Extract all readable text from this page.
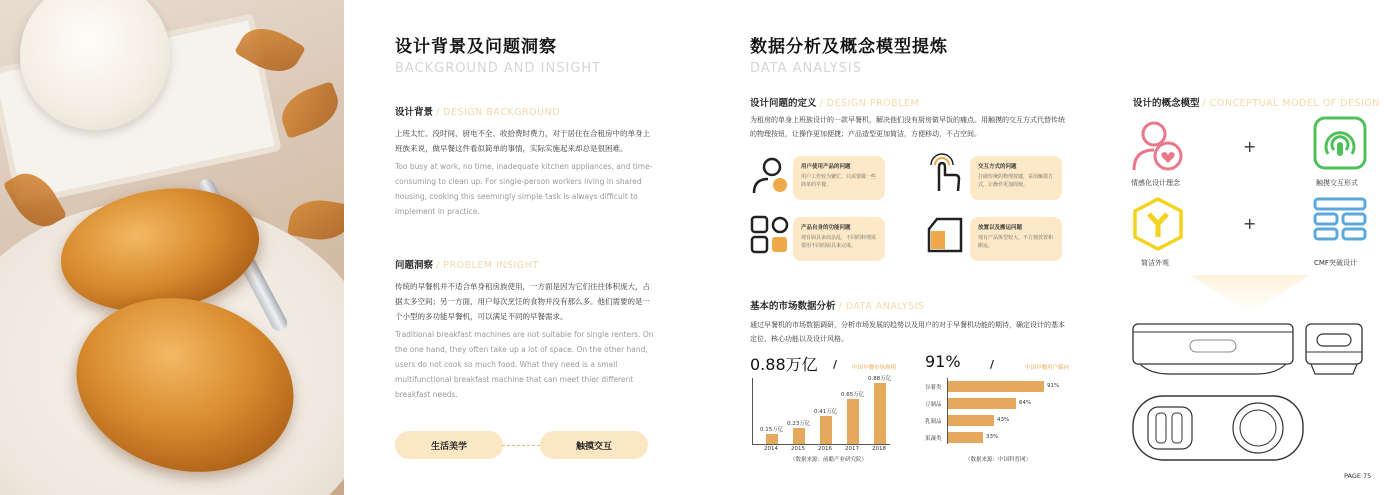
设计背景及问题洞察
BACKGROUND AND INSIGHT
设计背景 / DESIGN BACKGROUND
上班太忙、没时间、厨电不全、收拾费时费力，对于居住在合租房中的单身上班族来说，做早餐这件看似简单的事情，实际实施起来却总是很困难。
Too busy at work, no time, inadequate kitchen appliances, and time-consuming to clean up. For single-person workers living in shared housing, cooking this seemingly simple task is always difficult to implement in practice.
问题洞察 / PROBLEM INSIGHT
传统的早餐机并不适合单身租房族使用，一方面是因为它们往往体积庞大，占据太多空间；另一方面，用户每次烹饪的食物并没有那么多。他们需要的是一个小型的多功能早餐机，可以满足不同的早餐需求。
Traditional breakfast machines are not suitable for single renters. On the one hand, they often take up a lot of space. On the other hand, users do not cook so much food. What they need is a small multifunctional breakfast machine that can meet thier different breakfast needs.
生活美学	触摸交互
数据分析及概念模型提炼
DATA ANALYSIS
设计问题的定义 / DESIGN PROBLEM
为租房的单身上班族设计的一款早餐机，解决他们没有厨房做早饭的痛点。用触摸的交互方式代替传统的物理按钮，让操作更加便捷；产品造型更加简洁，方便移动，不占空间。
用户使用产品的问题
用户工作较为繁忙，只需要做一些简单的早餐。
交互方式的问题
打破传统的物理按键，采用触摸方式，让操作更加简便。
产品自身的功能问题
现有厨具多而杂乱，不同的料理需要用不同的厨具来完成。
放置以及搬运问题
现有产品体型较大，不方便放置和搬运。
基本的市场数据分析 / DATA ANALYSIS
通过早餐机的市场数据调研，分析市场发展的趋势以及用户的对于早餐机功能的期待，确定设计的基本定位、核心功能以及设计风格。
0.88万亿 /	中国早餐市场规模 91%	/	中国早餐用户偏向
0.15万亿
2014
0.23万亿
2015
0.41万亿
2016
0.65万亿
2017
0.88万亿
2018
（数据来源：前瞻产业研究院）
谷薯类	91%
豆制品	64%
乳制品	43%
果蔬类	33%
（数据来源：中国科普网）
设计的概念模型 / CONCEPTUAL MODEL OF DESIGN
情感化设计理念
+
触摸交互形式
简洁外观
+
CMF突破设计
PAGE 75
